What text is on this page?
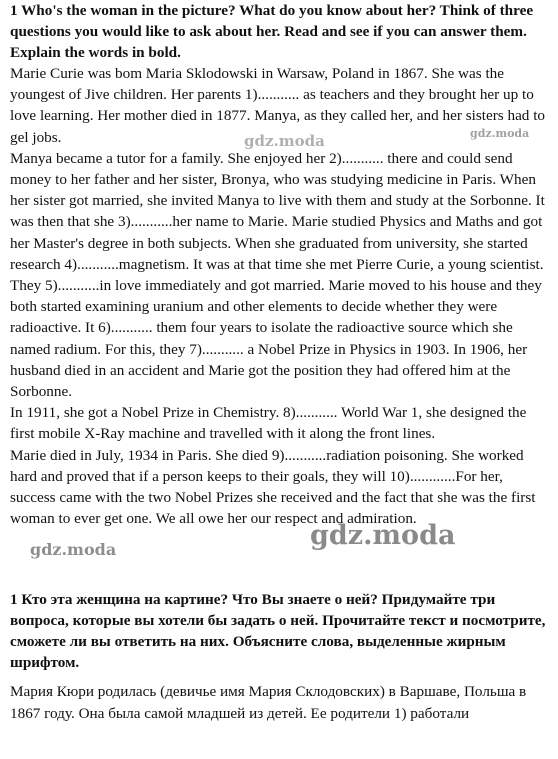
1 Who's the woman in the picture? What do you know about her? Think of three questions you would like to ask about her. Read and see if you can answer them. Explain the words in bold.

Marie Curie was bom Maria Sklodowski in Warsaw, Poland in 1867. She was the youngest of Jive children. Her parents 1)........... as teachers and they brought her up to love learning. Her mother died in 1877. Manya, as they called her, and her sisters had to gel jobs.

Manya became a tutor for a family. She enjoyed her 2)........... there and could send money to her father and her sister, Bronya, who was studying medicine in Paris. When her sister got married, she invited Manya to live with them and study at the Sorbonne. It was then that she 3)...........her name to Marie. Marie studied Physics and Maths and got her Master's degree in both subjects. When she graduated from university, she started research 4)...........magnetism. It was at that time she met Pierre Curie, a young scientist. They 5)...........in love immediately and got married. Marie moved to his house and they both started examining uranium and other elements to decide whether they were radioactive. It 6)........... them four years to isolate the radioactive source which she named radium. For this, they 7)........... a Nobel Prize in Physics in 1903. In 1906, her husband died in an accident and Marie got the position they had offered him at the Sorbonne.

In 1911, she got a Nobel Prize in Chemistry. 8)........... World War 1, she designed the first mobile X-Ray machine and travelled with it along the front lines.

Marie died in July, 1934 in Paris. She died 9)...........radiation poisoning. She worked hard and proved that if a person keeps to their goals, they will 10)............For her, success came with the two Nobel Prizes she received and the fact that she was the first woman to ever get one. We all owe her our respect and admiration.

1 Кто эта женщина на картине? Что Вы знаете о ней? Придумайте три вопроса, которые вы хотели бы задать о ней. Прочитайте текст и посмотрите, сможете ли вы ответить на них. Объясните слова, выделенные жирным шрифтом.

Мария Кюри родилась (девичье имя Мария Склодовских) в Варшаве, Польша в 1867 году. Она была самой младшей из детей. Ее родители 1) работали

gdz.moda	gdz.moda
gdz.moda	gdz.moda
